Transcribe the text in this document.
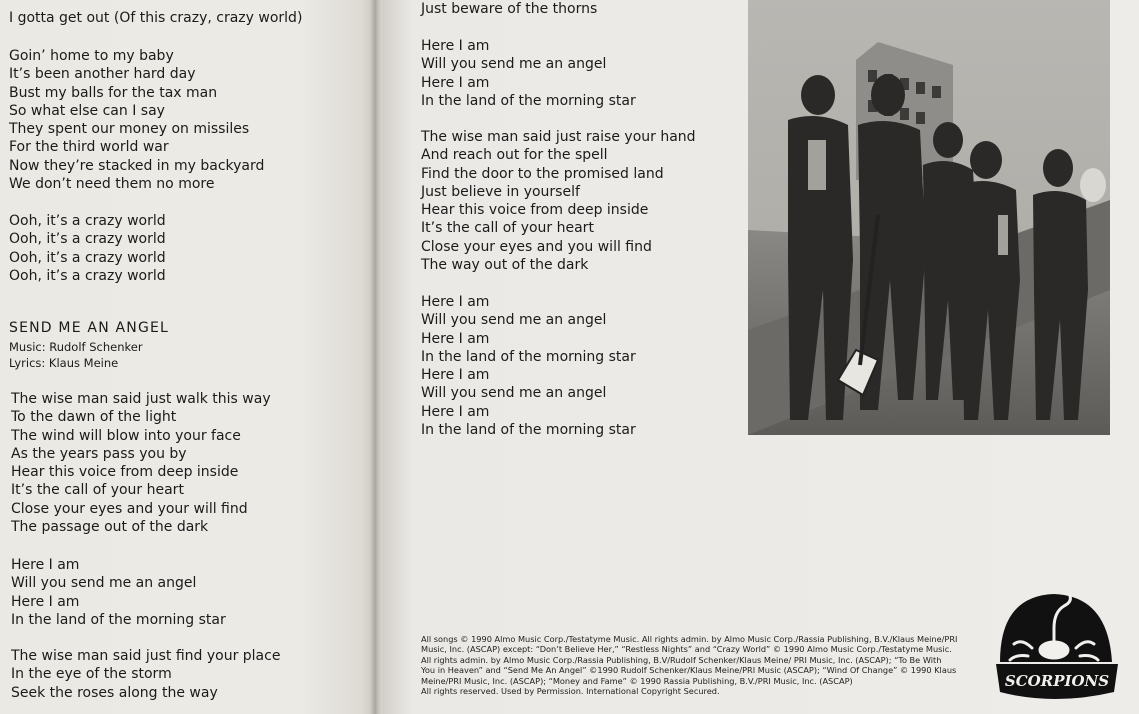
I gotta get out (Of this crazy, crazy world)
Goin’ home to my baby
It’s been another hard day
Bust my balls for the tax man
So what else can I say
They spent our money on missiles
For the third world war
Now they’re stacked in my backyard
We don’t need them no more
Ooh, it’s a crazy world
Ooh, it’s a crazy world
Ooh, it’s a crazy world
Ooh, it’s a crazy world
SEND ME AN ANGEL
Music: Rudolf Schenker
Lyrics: Klaus Meine
The wise man said just walk this way
To the dawn of the light
The wind will blow into your face
As the years pass you by
Hear this voice from deep inside
It’s the call of your heart
Close your eyes and your will find
The passage out of the dark
Here I am
Will you send me an angel
Here I am
In the land of the morning star
The wise man said just find your place
In the eye of the storm
Seek the roses along the way
Just beware of the thorns
Here I am
Will you send me an angel
Here I am
In the land of the morning star
The wise man said just raise your hand
And reach out for the spell
Find the door to the promised land
Just believe in yourself
Hear this voice from deep inside
It’s the call of your heart
Close your eyes and you will find
The way out of the dark
Here I am
Will you send me an angel
Here I am
In the land of the morning star
Here I am
Will you send me an angel
Here I am
In the land of the morning star
All songs © 1990 Almo Music Corp./Testatyme Music. All rights admin. by Almo Music Corp./Rassia Publishing, B.V./Klaus Meine/PRI
Music, Inc. (ASCAP) except: “Don’t Believe Her,” “Restless Nights” and “Crazy World” © 1990 Almo Music Corp./Testatyme Music.
All rights admin. by Almo Music Corp./Rassia Publishing, B.V/Rudolf Schenker/Klaus Meine/ PRI Music, Inc. (ASCAP); “To Be With
You in Heaven” and “Send Me An Angel” ©1990 Rudolf Schenker/Klaus Meine/PRI Music (ASCAP); “Wind Of Change” © 1990 Klaus
Meine/PRI Music, Inc. (ASCAP); “Money and Fame” © 1990 Rassia Publishing, B.V./PRI Music, Inc. (ASCAP)
All rights reserved. Used by Permission. International Copyright Secured.
SCORPIONS
